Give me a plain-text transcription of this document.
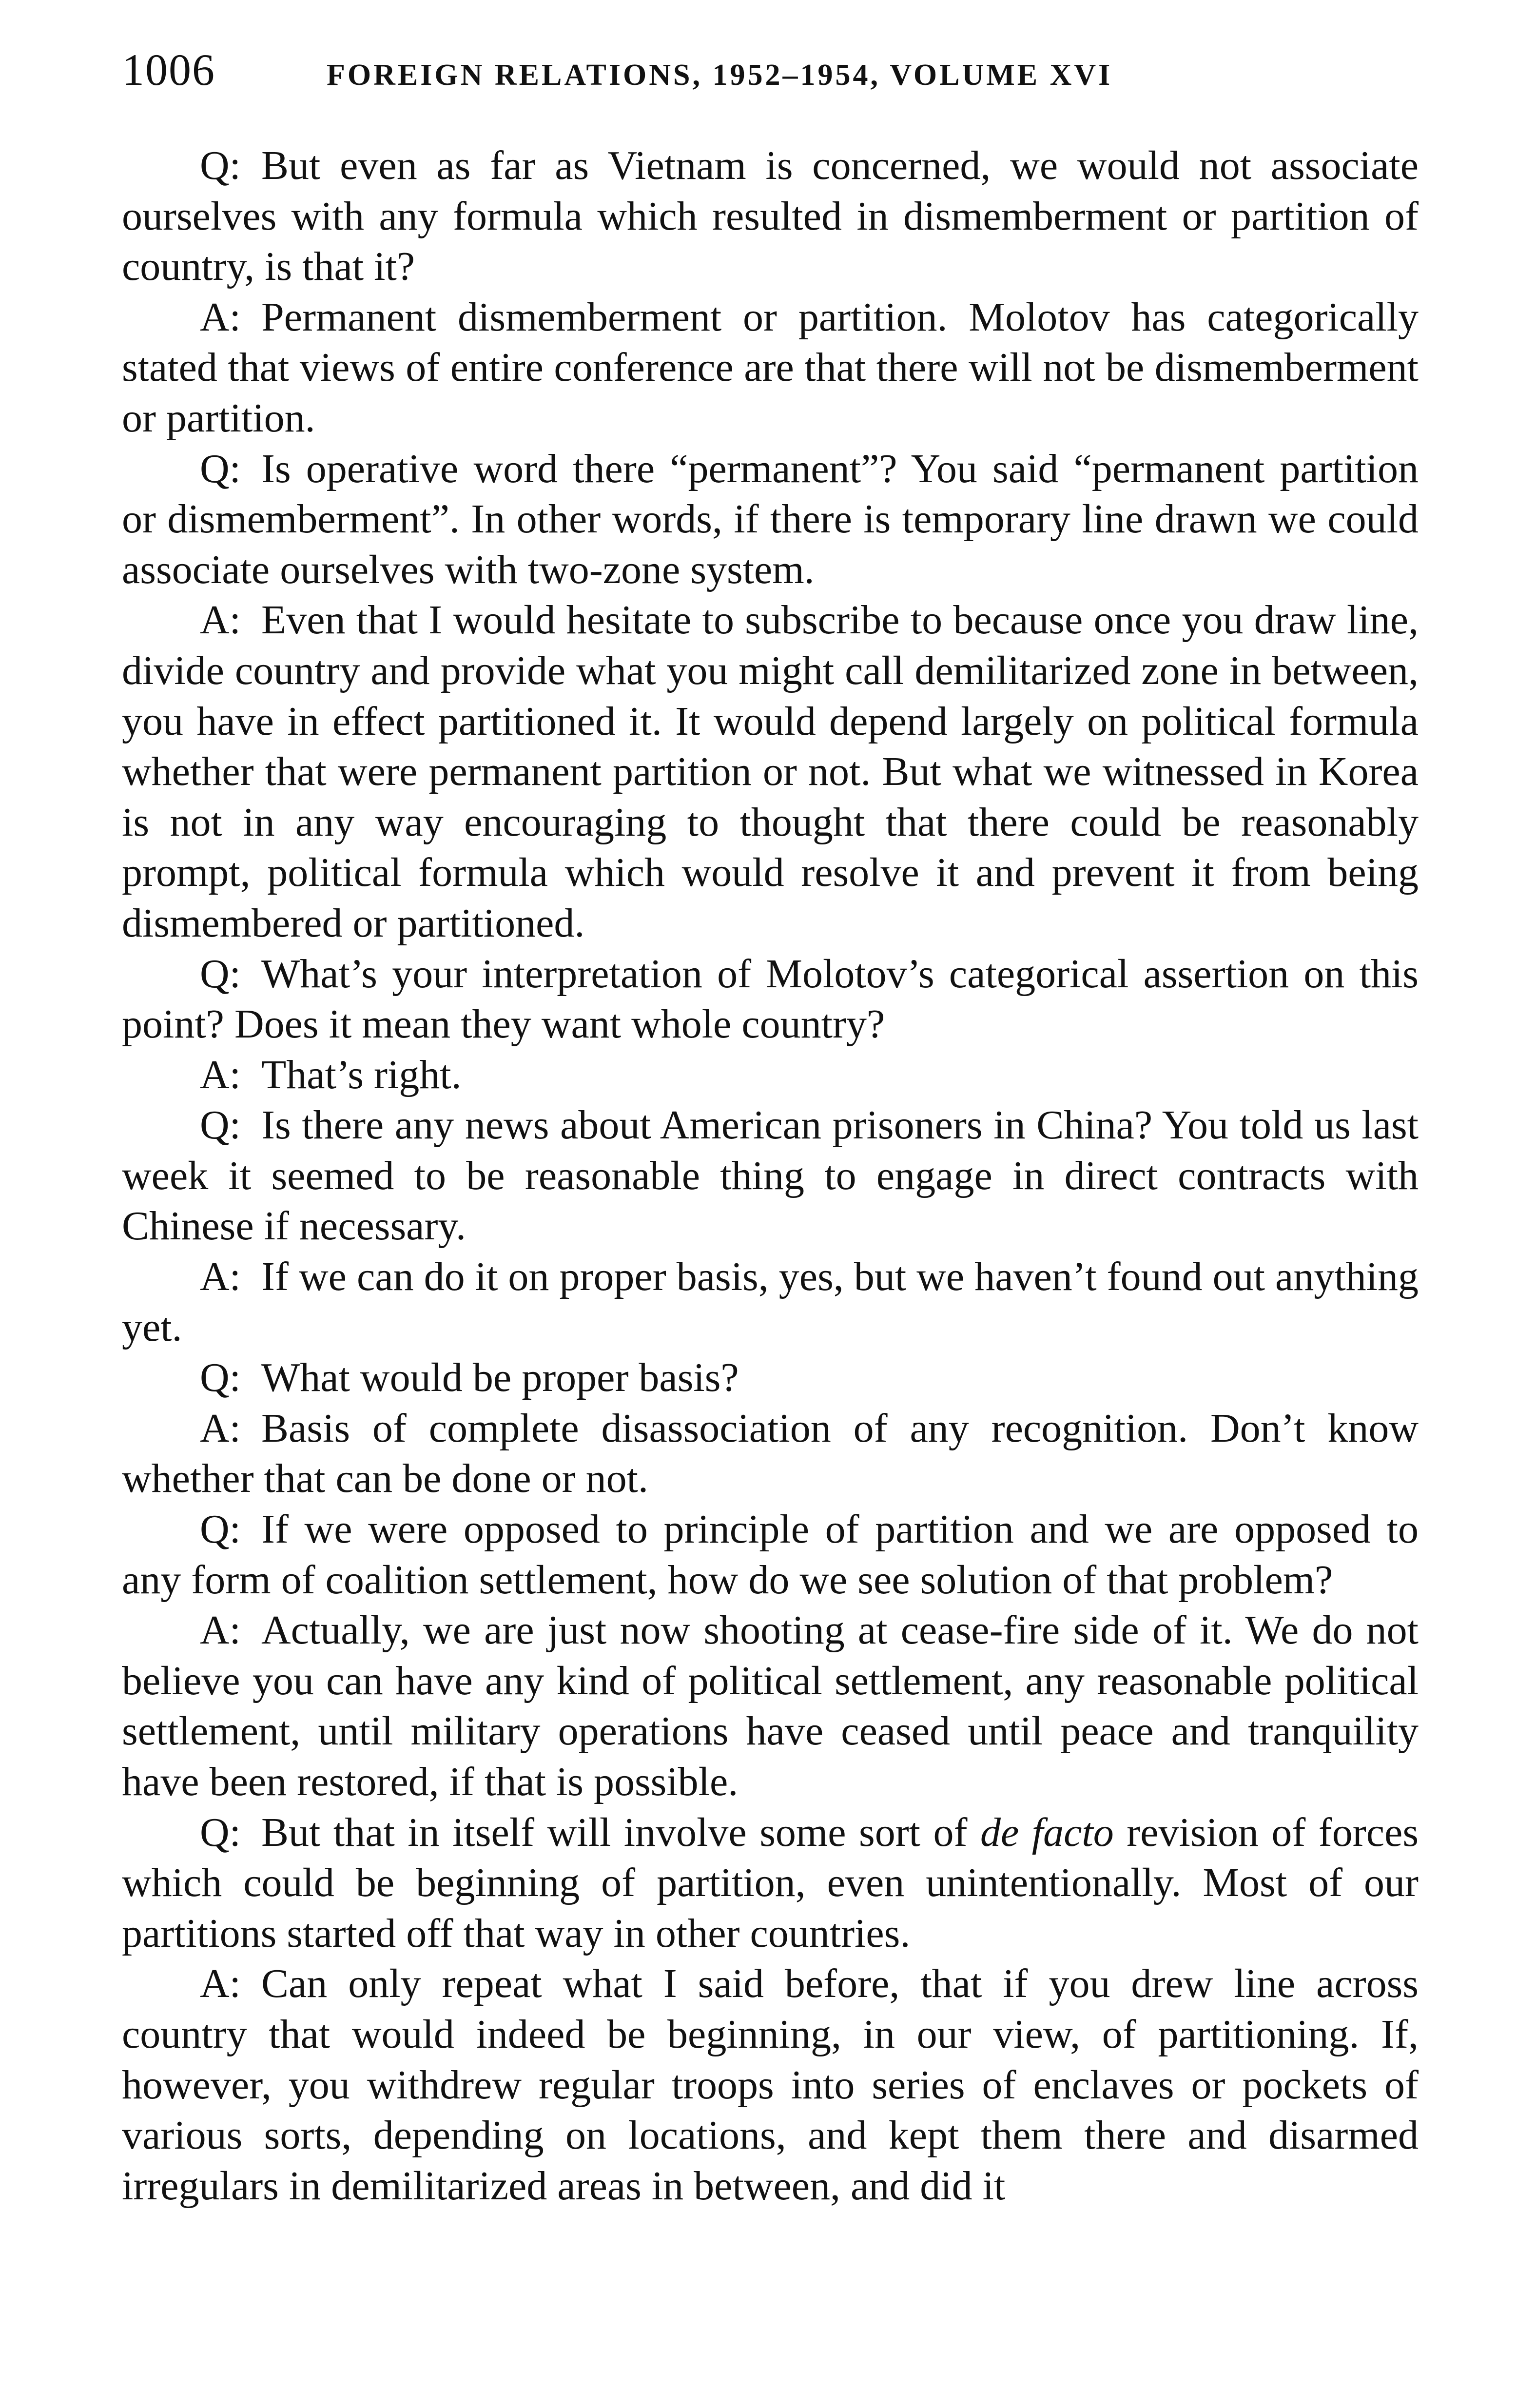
1006	FOREIGN RELATIONS, 1952–1954, VOLUME XVI

Q: But even as far as Vietnam is concerned, we would not associate ourselves with any formula which resulted in dismemberment or partition of country, is that it?

A: Permanent dismemberment or partition. Molotov has categorically stated that views of entire conference are that there will not be dismemberment or partition.

Q: Is operative word there “permanent”? You said “permanent partition or dismemberment”. In other words, if there is temporary line drawn we could associate ourselves with two-zone system.

A: Even that I would hesitate to subscribe to because once you draw line, divide country and provide what you might call demilitarized zone in between, you have in effect partitioned it. It would depend largely on political formula whether that were permanent partition or not. But what we witnessed in Korea is not in any way encouraging to thought that there could be reasonably prompt, political formula which would resolve it and prevent it from being dismembered or partitioned.

Q: What’s your interpretation of Molotov’s categorical assertion on this point? Does it mean they want whole country?

A: That’s right.

Q: Is there any news about American prisoners in China? You told us last week it seemed to be reasonable thing to engage in direct contracts with Chinese if necessary.

A: If we can do it on proper basis, yes, but we haven’t found out anything yet.

Q: What would be proper basis?

A: Basis of complete disassociation of any recognition. Don’t know whether that can be done or not.

Q: If we were opposed to principle of partition and we are opposed to any form of coalition settlement, how do we see solution of that problem?

A: Actually, we are just now shooting at cease-fire side of it. We do not believe you can have any kind of political settlement, any reasonable political settlement, until military operations have ceased until peace and tranquility have been restored, if that is possible.

Q: But that in itself will involve some sort of de facto revision of forces which could be beginning of partition, even unintentionally. Most of our partitions started off that way in other countries.

A: Can only repeat what I said before, that if you drew line across country that would indeed be beginning, in our view, of partitioning. If, however, you withdrew regular troops into series of enclaves or pockets of various sorts, depending on locations, and kept them there and disarmed irregulars in demilitarized areas in between, and did it
